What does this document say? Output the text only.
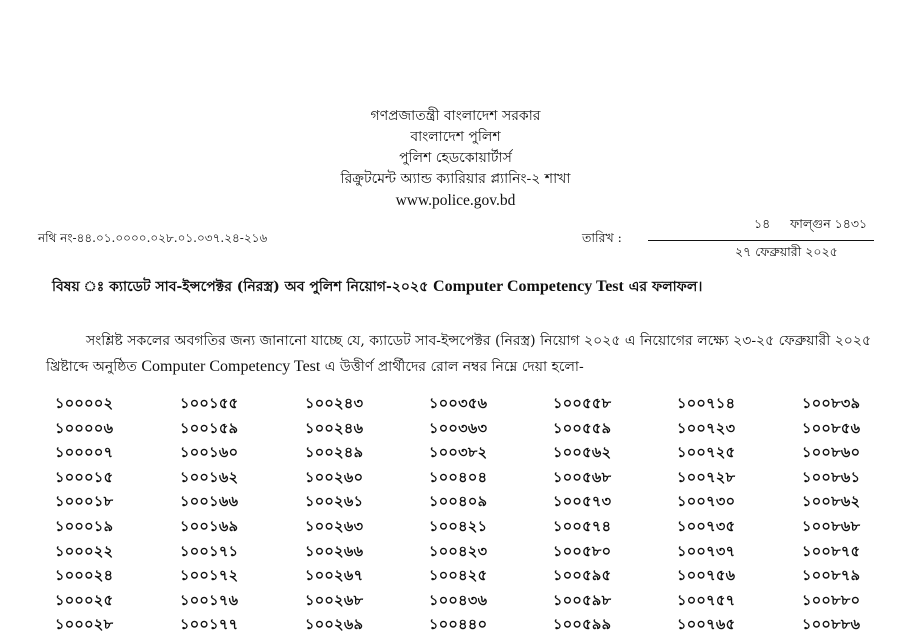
গণপ্রজাতন্ত্রী বাংলাদেশ সরকার
বাংলাদেশ পুলিশ
পুলিশ হেডকোয়ার্টার্স
রিক্রুটমেন্ট অ্যান্ড ক্যারিয়ার প্ল্যানিং-২ শাখা
www.police.gov.bd
নথি নং-৪৪.০১.০০০০.০২৮.০১.০৩৭.২৪-২১৬	তারিখ :
১৪     ফাল্গুন ১৪৩১
২৭ ফেব্রুয়ারী ২০২৫
বিষয় ঃ ক্যাডেট সাব-ইন্সপেক্টর (নিরস্ত্র) অব পুলিশ নিয়োগ-২০২৫ Computer Competency Test এর ফলাফল।
সংশ্লিষ্ট সকলের অবগতির জন্য জানানো যাচ্ছে যে, ক্যাডেট সাব-ইন্সপেক্টর (নিরস্ত্র) নিয়োগ ২০২৫ এ নিয়োগের লক্ষ্যে ২৩-২৫ ফেব্রুয়ারী ২০২৫ খ্রিষ্টাব্দে অনুষ্ঠিত Computer Competency Test এ উত্তীর্ণ প্রার্থীদের রোল নম্বর নিম্নে দেয়া হলো-
১০০০০২	১০০১৫৫	১০০২৪৩	১০০৩৫৬	১০০৫৫৮	১০০৭১৪	১০০৮৩৯
১০০০০৬	১০০১৫৯	১০০২৪৬	১০০৩৬৩	১০০৫৫৯	১০০৭২৩	১০০৮৫৬
১০০০০৭	১০০১৬০	১০০২৪৯	১০০৩৮২	১০০৫৬২	১০০৭২৫	১০০৮৬০
১০০০১৫	১০০১৬২	১০০২৬০	১০০৪০৪	১০০৫৬৮	১০০৭২৮	১০০৮৬১
১০০০১৮	১০০১৬৬	১০০২৬১	১০০৪০৯	১০০৫৭৩	১০০৭৩০	১০০৮৬২
১০০০১৯	১০০১৬৯	১০০২৬৩	১০০৪২১	১০০৫৭৪	১০০৭৩৫	১০০৮৬৮
১০০০২২	১০০১৭১	১০০২৬৬	১০০৪২৩	১০০৫৮০	১০০৭৩৭	১০০৮৭৫
১০০০২৪	১০০১৭২	১০০২৬৭	১০০৪২৫	১০০৫৯৫	১০০৭৫৬	১০০৮৭৯
১০০০২৫	১০০১৭৬	১০০২৬৮	১০০৪৩৬	১০০৫৯৮	১০০৭৫৭	১০০৮৮০
১০০০২৮	১০০১৭৭	১০০২৬৯	১০০৪৪০	১০০৫৯৯	১০০৭৬৫	১০০৮৮৬
